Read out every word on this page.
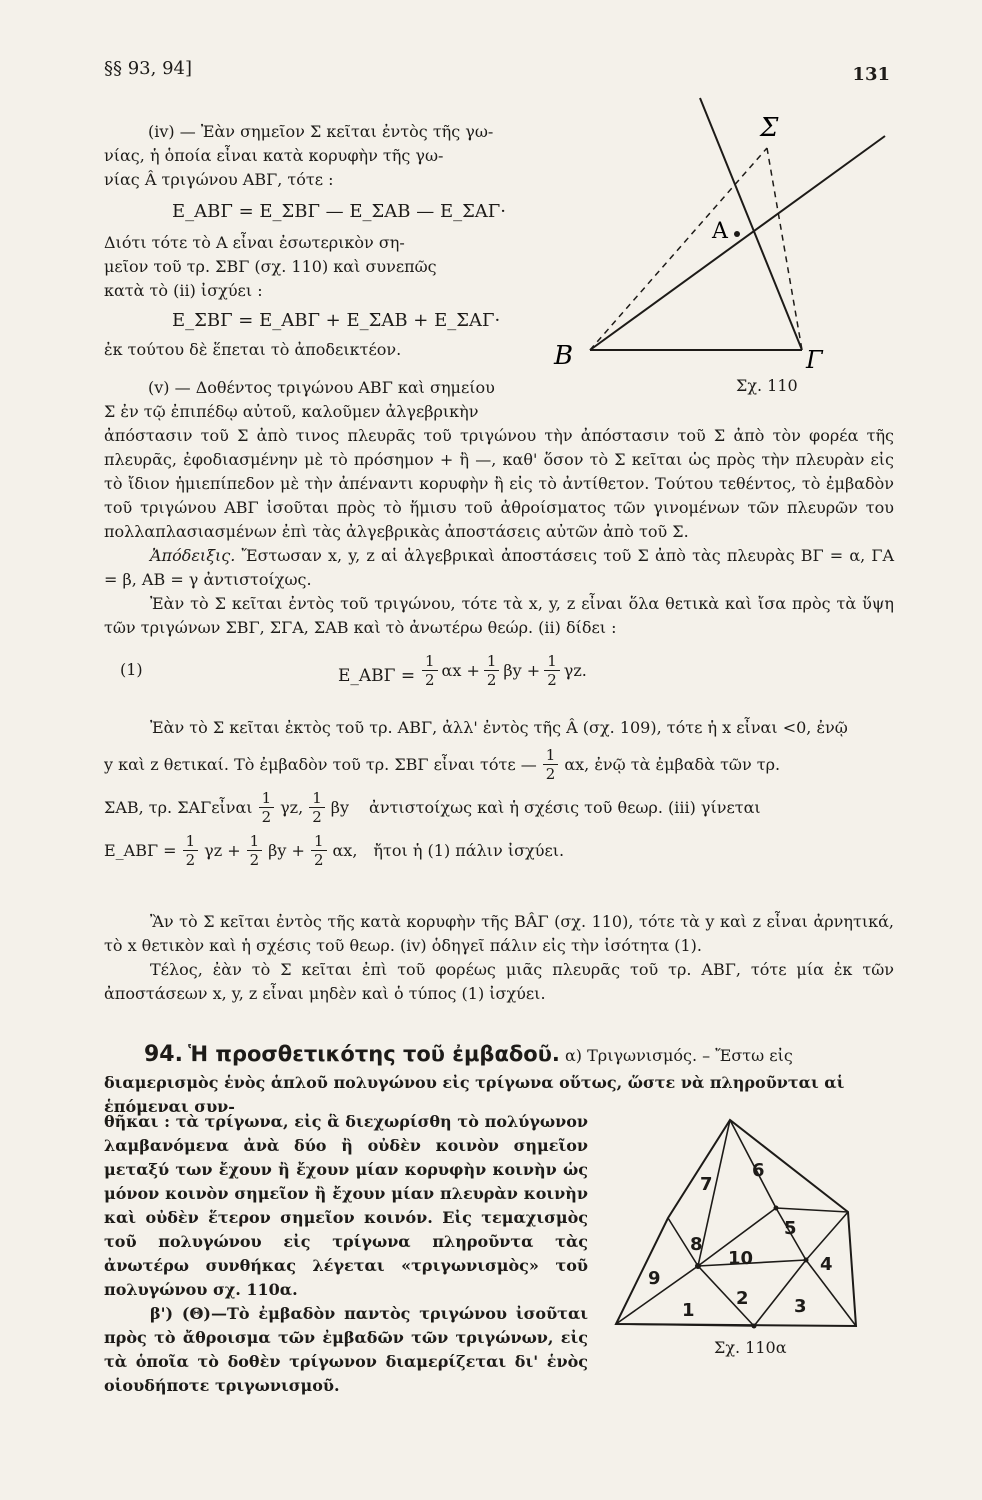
§§ 93, 94]	131

(iv) — Ἐὰν σημεῖον Σ κεῖται ἐντὸς τῆς γω-

νίας, ἡ ὁποία εἶναι κατὰ κορυφὴν τῆς γω-

νίας Â τριγώνου ΑΒΓ, τότε :

Ε_ΑΒΓ = Ε_ΣΒΓ — Ε_ΣΑΒ — Ε_ΣΑΓ·

Διότι τότε τὸ Α εἶναι ἐσωτερικὸν ση-

μεῖον τοῦ τρ. ΣΒΓ (σχ. 110) καὶ συνεπῶς

κατὰ τὸ (ii) ἰσχύει :

Ε_ΣΒΓ = Ε_ΑΒΓ + Ε_ΣΑΒ + Ε_ΣΑΓ·

ἐκ τούτου δὲ ἕπεται τὸ ἀποδεικτέον.

Σ
Α
Β	Γ
Σχ. 110

(v) — Δοθέντος τριγώνου ΑΒΓ καὶ σημείου

Σ ἐν τῷ ἐπιπέδῳ αὐτοῦ, καλοῦμεν ἀλγεβρικὴν

ἀπόστασιν τοῦ Σ ἀπὸ τινος πλευρᾶς τοῦ τριγώνου τὴν ἀπόστασιν τοῦ Σ ἀπὸ τὸν φορέα τῆς πλευρᾶς, ἐφοδιασμένην μὲ τὸ πρόσημον + ἢ —, καθ' ὅσον τὸ Σ κεῖται ὡς πρὸς τὴν πλευρὰν εἰς τὸ ἴδιον ἡμιεπίπεδον μὲ τὴν ἀπέναντι κορυφὴν ἢ εἰς τὸ ἀντίθετον. Τούτου τεθέντος, τὸ ἐμβαδὸν τοῦ τριγώνου ΑΒΓ ἰσοῦται πρὸς τὸ ἥμισυ τοῦ ἀθροίσματος τῶν γινομένων τῶν πλευρῶν του πολλαπλασιασμένων ἐπὶ τὰς ἀλγεβρικὰς ἀποστάσεις αὐτῶν ἀπὸ τοῦ Σ.

Ἀπόδειξις. Ἔστωσαν x, y, z αἱ ἀλγεβρικαὶ ἀποστάσεις τοῦ Σ ἀπὸ τὰς πλευρὰς ΒΓ = α, ΓΑ = β, ΑΒ = γ ἀντιστοίχως.

Ἐὰν τὸ Σ κεῖται ἐντὸς τοῦ τριγώνου, τότε τὰ x, y, z εἶναι ὅλα θετικὰ καὶ ἴσα πρὸς τὰ ὕψη τῶν τριγώνων ΣΒΓ, ΣΓΑ, ΣΑΒ καὶ τὸ ἀνωτέρω θεώρ. (ii) δίδει :

(1)	Ε_ΑΒΓ = $\frac{1}{2}$ $\alpha x + \frac{1}{2}$ $\beta y + \frac{1}{2} \gamma z$.

Ἐὰν τὸ Σ κεῖται ἐκτὸς τοῦ τρ. ΑΒΓ, ἀλλ' ἐντὸς τῆς Â (σχ. 109), τότε ἡ x εἶναι <0, ἐνῷ

y καὶ z θετικαί. Τὸ ἐμβαδὸν τοῦ τρ. ΣΒΓ εἶναι τότε — $\frac{1}{2} \alpha x$, ἐνῷ τὰ ἐμβαδὰ τῶν τρ.
ΣΑΒ, τρ. ΣΑΓεἶναι $\frac{1}{2} \gamma z$, $\frac{1}{2}$ βy ἀντιστοίχως καὶ ἡ σχέσις τοῦ θεωρ. (iii) γίνεται
Ε_ΑΒΓ = $\frac{1}{2}$ $\gamma z + \frac{1}{2}$ $\beta y + \frac{1}{2} \alpha x$, ἤτοι ἡ (1) πάλιν ἰσχύει.

Ἂν τὸ Σ κεῖται ἐντὸς τῆς κατὰ κορυφὴν τῆς ΒÂΓ (σχ. 110), τότε τὰ y καὶ z εἶναι ἀρνητικά, τὸ x θετικὸν καὶ ἡ σχέσις τοῦ θεωρ. (iv) ὁδηγεῖ πάλιν εἰς τὴν ἰσότητα (1).

Τέλος, ἐὰν τὸ Σ κεῖται ἐπὶ τοῦ φορέως μιᾶς πλευρᾶς τοῦ τρ. ΑΒΓ, τότε μία ἐκ τῶν ἀποστάσεων x, y, z εἶναι μηδὲν καὶ ὁ τύπος (1) ἰσχύει.

94. Ἡ προσθετικότης τοῦ ἐμβαδοῦ. α) Τριγωνισμός. – Ἔστω εἰς

διαμερισμὸς ἑνὸς ἁπλοῦ πολυγώνου εἰς τρίγωνα οὕτως, ὥστε νὰ πληροῦνται αἱ ἑπόμεναι συν-

θῆκαι : τὰ τρίγωνα, εἰς ἃ διεχωρίσθη τὸ πολύγωνον λαμβανόμενα ἀνὰ δύο ἢ οὐδὲν κοινὸν σημεῖον μεταξύ των ἔχουν ἢ ἔχουν μίαν κορυφὴν κοινὴν ὡς μόνον κοινὸν σημεῖον ἢ ἔχουν μίαν πλευρὰν κοινὴν καὶ οὐδὲν ἕτερον σημεῖον κοινόν. Εἰς τεμαχισμὸς τοῦ πολυγώνου εἰς τρίγωνα πληροῦντα τὰς ἀνωτέρω συνθήκας λέγεται «τριγωνισμὸς» τοῦ πολυγώνου σχ. 110α.

β') (Θ)—Τὸ ἐμβαδὸν παντὸς τριγώνου ἰσοῦται πρὸς τὸ ἄθροισμα τῶν ἐμβαδῶν τῶν τριγώνων, εἰς τὰ ὁποῖα τὸ δοθὲν τρίγωνον διαμερίζεται δι' ἑνὸς οἱουδήποτε τριγωνισμοῦ.

1
2	3
4
5
6
7
8
9
10
Σχ. 110α
